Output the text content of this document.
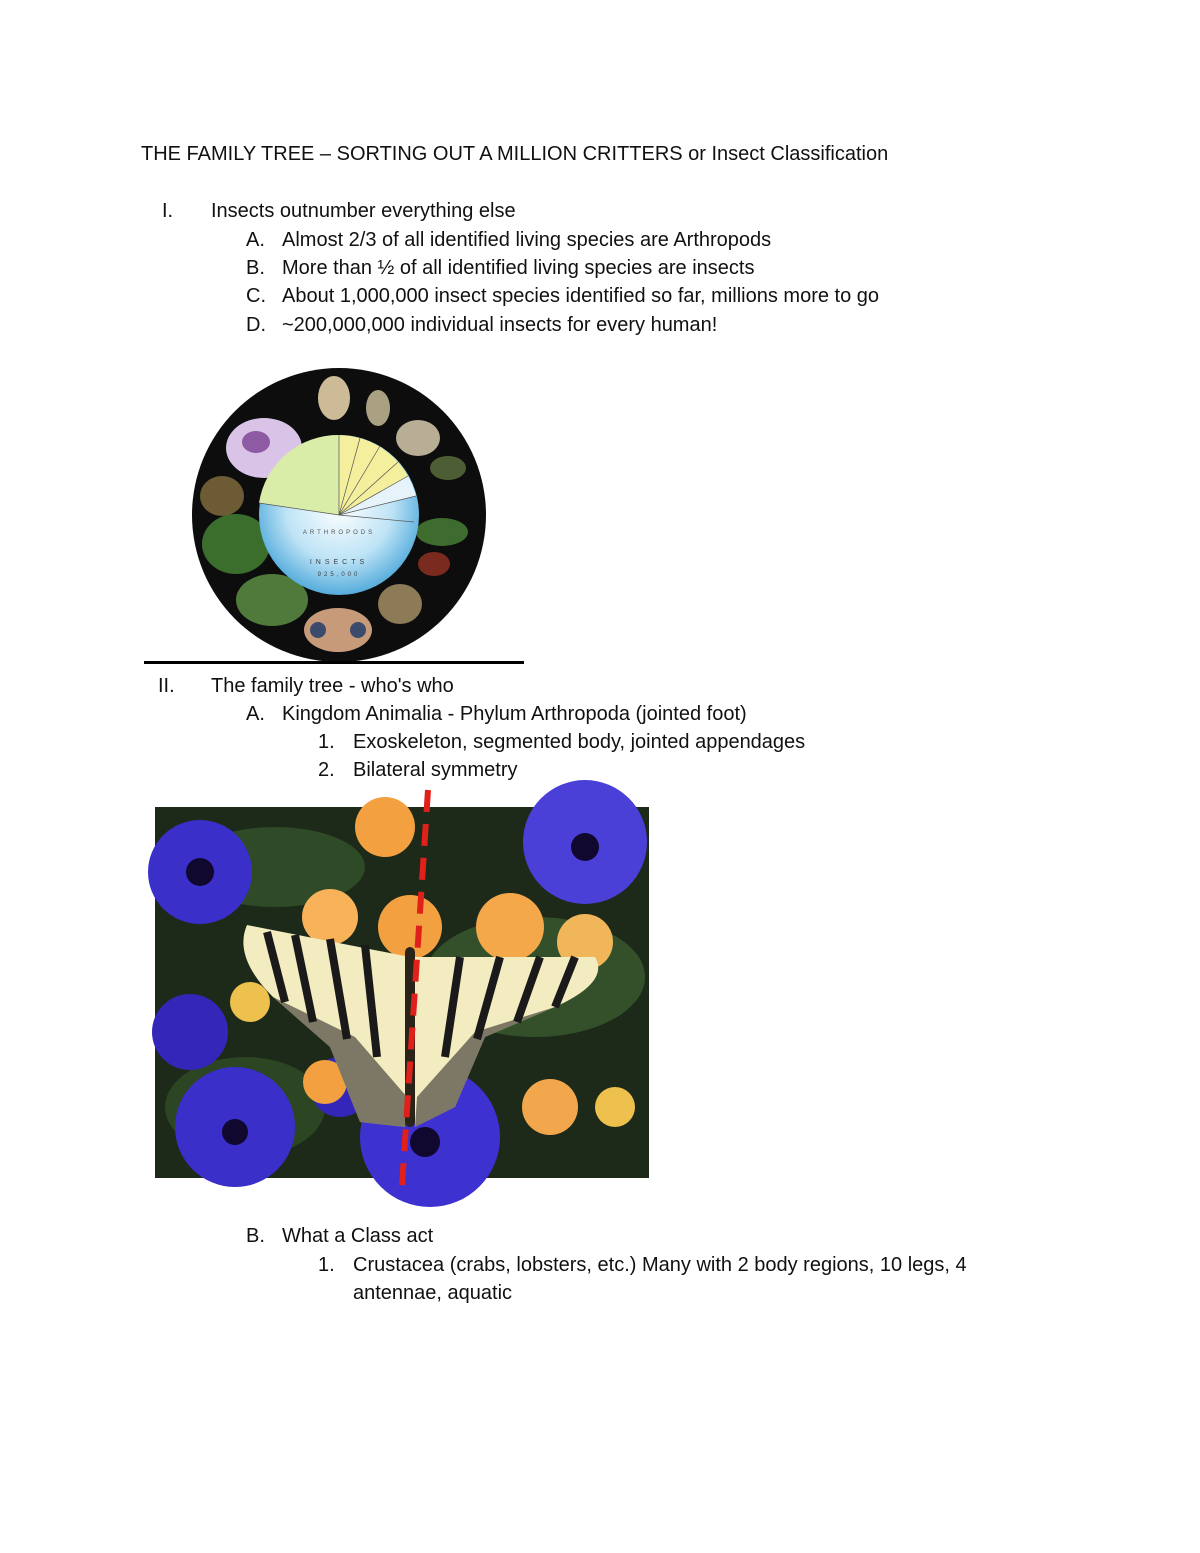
THE FAMILY TREE – SORTING OUT A MILLION CRITTERS or Insect Classification
I. Insects outnumber everything else
A. Almost 2/3 of all identified living species are Arthropods
B. More than ½ of all identified living species are insects
C. About 1,000,000 insect species identified so far, millions more to go
D. ~200,000,000 individual insects for every human!
ARTHROPODS
INSECTS
925,000
II. The family tree - who's who
A. Kingdom Animalia - Phylum Arthropoda (jointed foot)
1. Exoskeleton, segmented body, jointed appendages
2. Bilateral symmetry
B. What a Class act
1. Crustacea (crabs, lobsters, etc.) Many with 2 body regions, 10 legs, 4
antennae, aquatic
